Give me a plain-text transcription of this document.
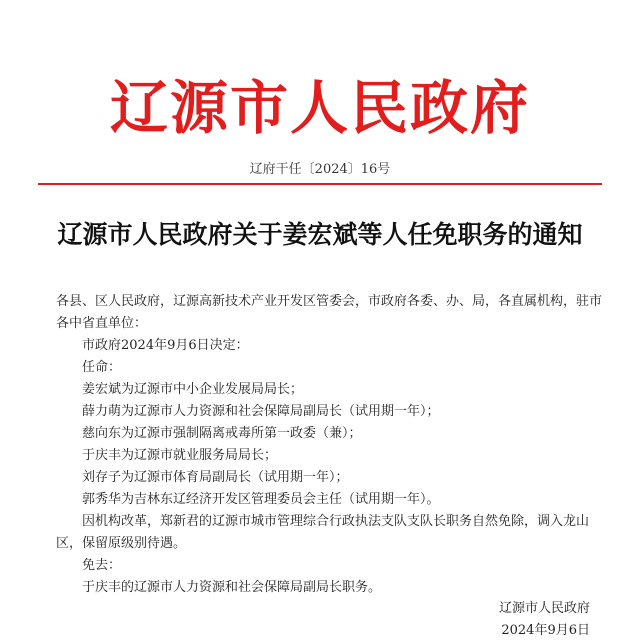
辽源市人民政府
辽府干任〔2024〕16号
辽源市人民政府关于姜宏斌等人任免职务的通知

各县、区人民政府，辽源高新技术产业开发区管委会，市政府各委、办、局，各直属机构，驻市各中省直单位：

市政府2024年9月6日决定：

任命：

姜宏斌为辽源市中小企业发展局局长；

薛力萌为辽源市人力资源和社会保障局副局长（试用期一年）；

慈向东为辽源市强制隔离戒毒所第一政委（兼）；

于庆丰为辽源市就业服务局局长；

刘存子为辽源市体育局副局长（试用期一年）；

郭秀华为吉林东辽经济开发区管理委员会主任（试用期一年）。

因机构改革，郑新君的辽源市城市管理综合行政执法支队支队长职务自然免除，调入龙山区，保留原级别待遇。

免去：

于庆丰的辽源市人力资源和社会保障局副局长职务。

辽源市人民政府
2024年9月6日
